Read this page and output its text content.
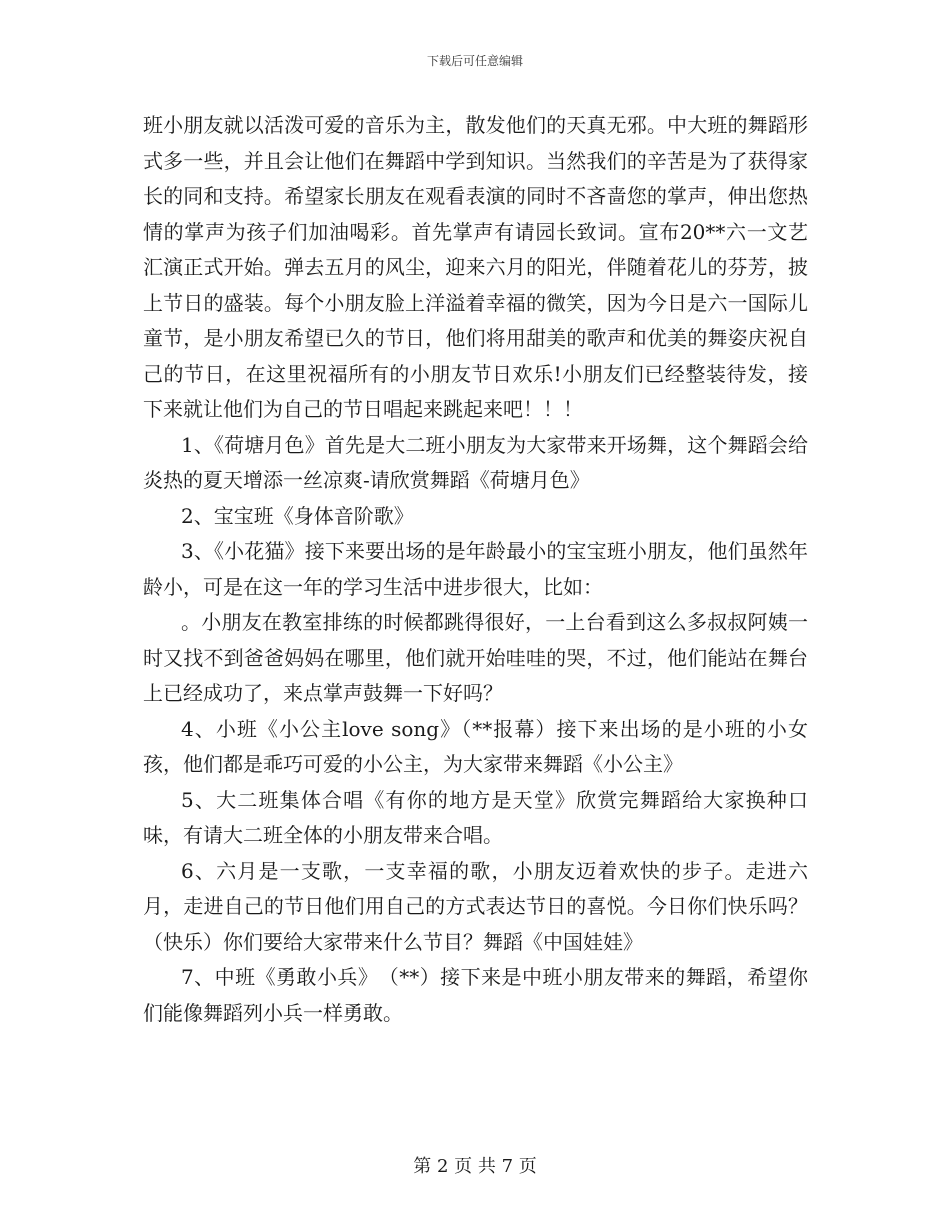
下载后可任意编辑

班小朋友就以活泼可爱的音乐为主，散发他们的天真无邪。中大班的舞蹈形式多一些，并且会让他们在舞蹈中学到知识。当然我们的辛苦是为了获得家长的同和支持。希望家长朋友在观看表演的同时不吝啬您的掌声，伸出您热情的掌声为孩子们加油喝彩。首先掌声有请园长致词。宣布20**六一文艺汇演正式开始。弹去五月的风尘，迎来六月的阳光，伴随着花儿的芬芳，披上节日的盛装。每个小朋友脸上洋溢着幸福的微笑，因为今日是六一国际儿童节，是小朋友希望已久的节日，他们将用甜美的歌声和优美的舞姿庆祝自己的节日，在这里祝福所有的小朋友节日欢乐!小朋友们已经整装待发，接下来就让他们为自己的节日唱起来跳起来吧！！！

1、《荷塘月色》首先是大二班小朋友为大家带来开场舞，这个舞蹈会给炎热的夏天增添一丝凉爽-请欣赏舞蹈《荷塘月色》

2、宝宝班《身体音阶歌》

3、《小花猫》接下来要出场的是年龄最小的宝宝班小朋友，他们虽然年龄小，可是在这一年的学习生活中进步很大，比如：

。小朋友在教室排练的时候都跳得很好，一上台看到这么多叔叔阿姨一时又找不到爸爸妈妈在哪里，他们就开始哇哇的哭，不过，他们能站在舞台上已经成功了，来点掌声鼓舞一下好吗？

4、小班《小公主love song》（**报幕）接下来出场的是小班的小女孩，他们都是乖巧可爱的小公主，为大家带来舞蹈《小公主》

5、大二班集体合唱《有你的地方是天堂》欣赏完舞蹈给大家换种口味，有请大二班全体的小朋友带来合唱。

6、六月是一支歌，一支幸福的歌，小朋友迈着欢快的步子。走进六月，走进自己的节日他们用自己的方式表达节日的喜悦。今日你们快乐吗？（快乐）你们要给大家带来什么节目？舞蹈《中国娃娃》

7、中班《勇敢小兵》　（**）接下来是中班小朋友带来的舞蹈，希望你们能像舞蹈列小兵一样勇敢。

第 2 页 共 7 页
